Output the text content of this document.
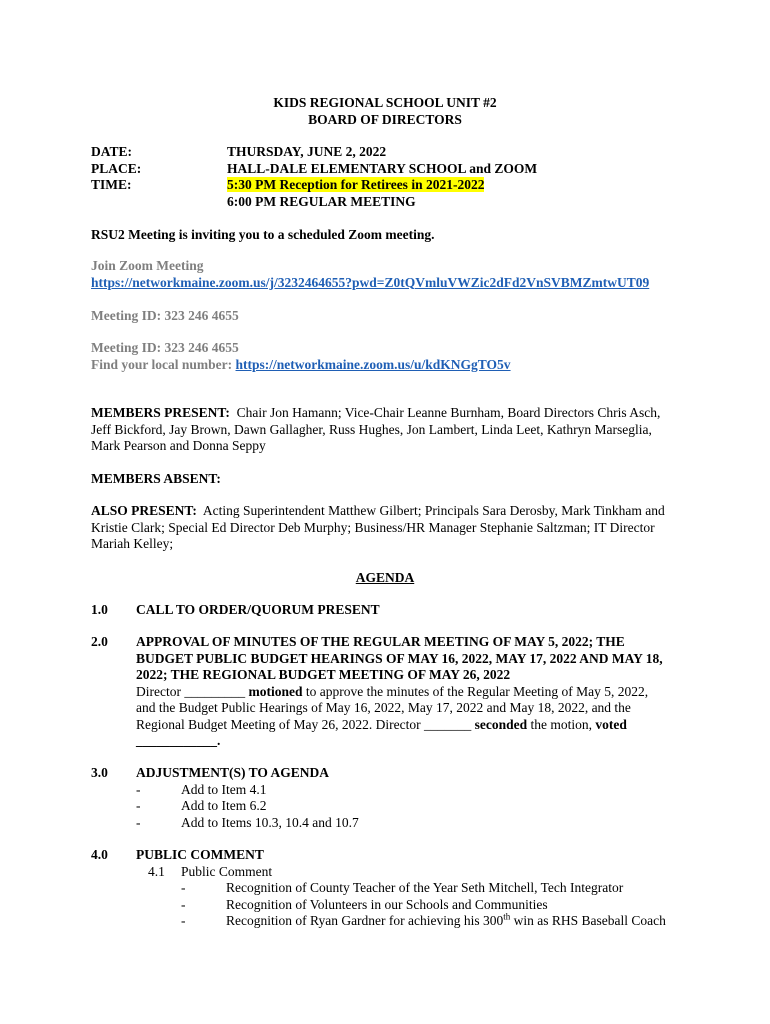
KIDS REGIONAL SCHOOL UNIT #2
BOARD OF DIRECTORS
DATE:	THURSDAY, JUNE 2, 2022
PLACE:	HALL-DALE ELEMENTARY SCHOOL and ZOOM
TIME:	5:30 PM Reception for Retirees in 2021-2022
6:00 PM REGULAR MEETING
RSU2 Meeting is inviting you to a scheduled Zoom meeting.
Join Zoom Meeting
https://networkmaine.zoom.us/j/3232464655?pwd=Z0tQVmluVWZic2dFd2VnSVBMZmtwUT09
Meeting ID: 323 246 4655
Meeting ID: 323 246 4655
Find your local number: https://networkmaine.zoom.us/u/kdKNGgTO5v
MEMBERS PRESENT: Chair Jon Hamann; Vice-Chair Leanne Burnham, Board Directors Chris Asch, Jeff Bickford, Jay Brown, Dawn Gallagher, Russ Hughes, Jon Lambert, Linda Leet, Kathryn Marseglia, Mark Pearson and Donna Seppy
MEMBERS ABSENT:
ALSO PRESENT: Acting Superintendent Matthew Gilbert; Principals Sara Derosby, Mark Tinkham and Kristie Clark; Special Ed Director Deb Murphy; Business/HR Manager Stephanie Saltzman; IT Director Mariah Kelley;
AGENDA
1.0 CALL TO ORDER/QUORUM PRESENT
2.0 APPROVAL OF MINUTES OF THE REGULAR MEETING OF MAY 5, 2022; THE BUDGET PUBLIC BUDGET HEARINGS OF MAY 16, 2022, MAY 17, 2022 AND MAY 18, 2022; THE REGIONAL BUDGET MEETING OF MAY 26, 2022
Director _________ motioned to approve the minutes of the Regular Meeting of May 5, 2022, and the Budget Public Hearings of May 16, 2022, May 17, 2022 and May 18, 2022, and the Regional Budget Meeting of May 26, 2022. Director _______ seconded the motion, voted ____________.
3.0 ADJUSTMENT(S) TO AGENDA
-	Add to Item 4.1
-	Add to Item 6.2
-	Add to Items 10.3, 10.4 and 10.7
4.0 PUBLIC COMMENT
4.1	Public Comment
-	Recognition of County Teacher of the Year Seth Mitchell, Tech Integrator
-	Recognition of Volunteers in our Schools and Communities
-	Recognition of Ryan Gardner for achieving his 300th win as RHS Baseball Coach
